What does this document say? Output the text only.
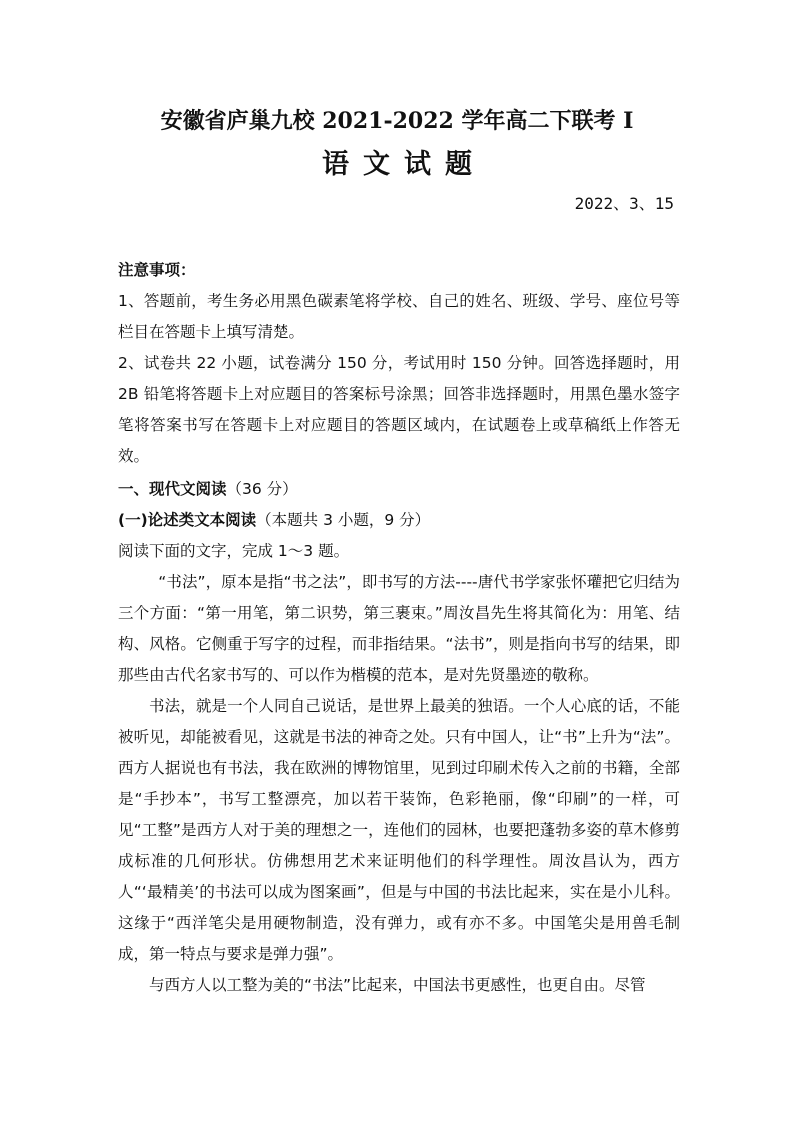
安徽省庐巢九校 2021-2022 学年高二下联考 I
语文试题
2022、3、15

注意事项：

1、答题前，考生务必用黑色碳素笔将学校、自己的姓名、班级、学号、座位号等栏目在答题卡上填写清楚。

2、试卷共 22 小题，试卷满分 150 分，考试用时 150 分钟。回答选择题时，用 2B 铅笔将答题卡上对应题目的答案标号涂黑；回答非选择题时，用黑色墨水签字笔将答案书写在答题卡上对应题目的答题区域内，在试题卷上或草稿纸上作答无效。

一、现代文阅读（36 分）

(一)论述类文本阅读（本题共 3 小题，9 分）

阅读下面的文字，完成 1～3 题。

“书法”，原本是指“书之法”，即书写的方法----唐代书学家张怀瓘把它归结为三个方面：“第一用笔，第二识势，第三裹束。”周汝昌先生将其简化为：用笔、结构、风格。它侧重于写字的过程，而非指结果。“法书”，则是指向书写的结果，即那些由古代名家书写的、可以作为楷模的范本，是对先贤墨迹的敬称。

书法，就是一个人同自己说话，是世界上最美的独语。一个人心底的话，不能被听见，却能被看见，这就是书法的神奇之处。只有中国人，让“书”上升为“法”。西方人据说也有书法，我在欧洲的博物馆里，见到过印刷术传入之前的书籍，全部是“手抄本”，书写工整漂亮，加以若干装饰，色彩艳丽，像“印刷”的一样，可见“工整”是西方人对于美的理想之一，连他们的园林，也要把蓬勃多姿的草木修剪成标准的几何形状。仿佛想用艺术来证明他们的科学理性。周汝昌认为，西方人“‘最精美’的书法可以成为图案画”，但是与中国的书法比起来，实在是小儿科。这缘于“西洋笔尖是用硬物制造，没有弹力，或有亦不多。中国笔尖是用兽毛制成，第一特点与要求是弹力强”。

与西方人以工整为美的“书法”比起来，中国法书更感性，也更自由。尽管
